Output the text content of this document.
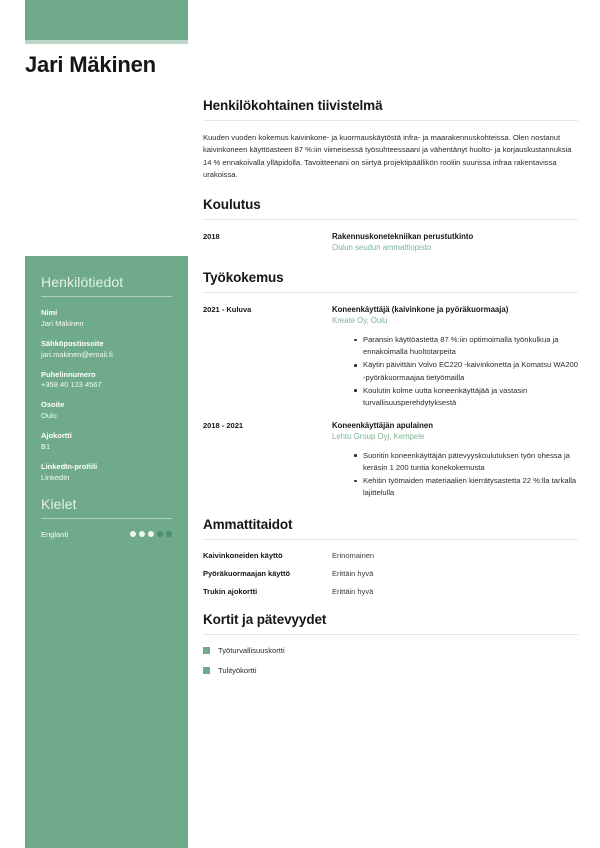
Jari Mäkinen
Henkilötiedot
Nimi
Jari Mäkinen
Sähköpostiosoite
jari.makinen@email.fi
Puhelinnumero
+358 40 123 4567
Osoite
Oulu
Ajokortti
B1
LinkedIn-profiili
LinkedIn
Kielet
Englanti
Henkilökohtainen tiivistelmä

Kuuden vuoden kokemus kaivinkone- ja kuormauskäytöstä infra- ja maarakennuskohteissa. Olen nostanut kaivinkoneen käyttöasteen 87 %:iin viimeisessä työsuhteessaani ja vähentänyt huolto- ja korjauskustannuksia 14 % ennakoivalla ylläpidolla. Tavoitteenani on siirtyä projektipäällikön rooliin suurissa infraa rakentavissa urakoissa.

Koulutus
2018	Rakennuskonetekniikan perustutkinto
Oulun seudun ammattiopisto
Työkokemus
2021 - Kuluva	Koneenkäyttäjä (kaivinkone ja pyöräkuormaaja)
Kreate Oy, Oulu
Paransin käyttöastetta 87 %:iin optimoimalla työnkulkua ja ennakoimalla huoltotarpeita
Käytin päivittäin Volvo EC220 -kaivinkonetta ja Komatsu WA200 -pyöräkuormaajaa tietyömailla
Koulutin kolme uutta koneenkäyttäjää ja vastasin turvallisuusperehdytyksestä
2018 - 2021	Koneenkäyttäjän apulainen
Lehto Group Oyj, Kempele
Suoritin koneenkäyttäjän pätevyyskoulutuksen työn ohessa ja keräsin 1 200 tuntia konekokemusta
Kehitin työmaiden materiaalien kierrätysastetta 22 %:lla tarkalla lajittelulla
Ammattitaidot
Kaivinkoneiden käyttö	Erinomainen
Pyöräkuormaajan käyttö	Erittäin hyvä
Trukin ajokortti	Erittäin hyvä
Kortit ja pätevyydet
Työturvallisuuskortti
Tulityökortti
